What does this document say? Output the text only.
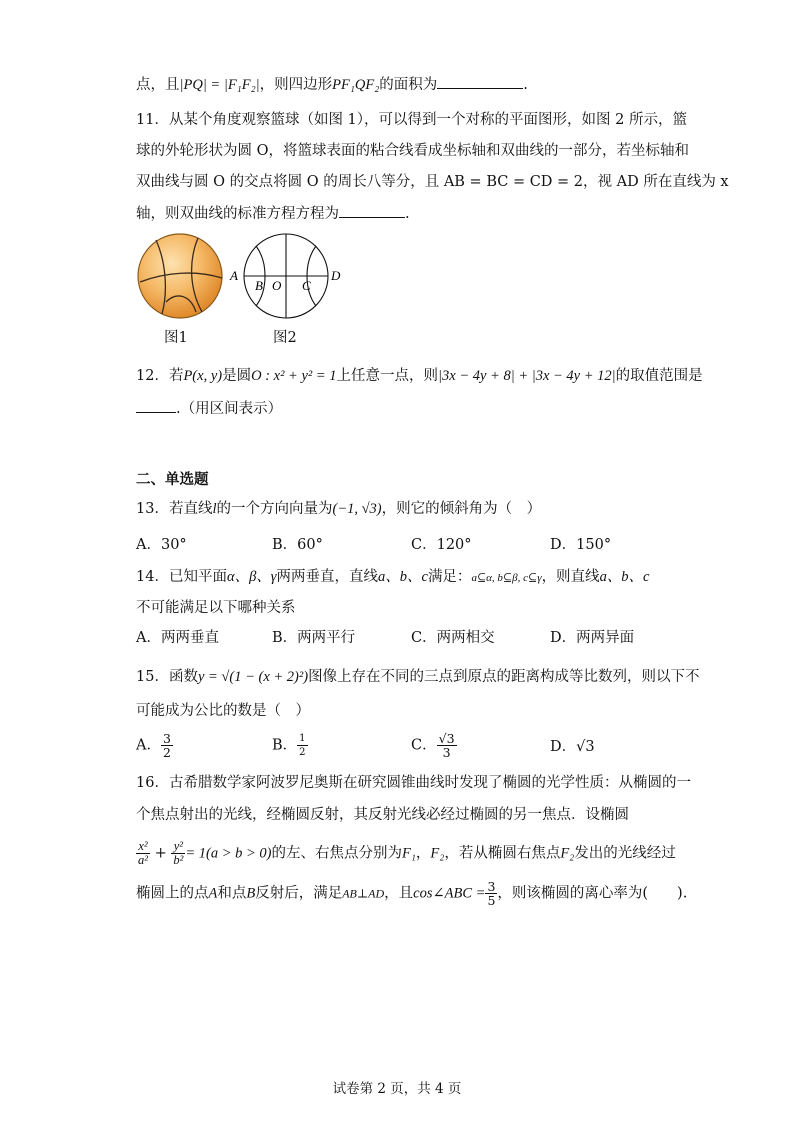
点，且|PQ| = |F₁F₂|，则四边形PF₁QF₂的面积为	.
11．从某个角度观察篮球（如图 1），可以得到一个对称的平面图形，如图 2 所示，篮
球的外轮形状为圆 O，将篮球表面的粘合线看成坐标轴和双曲线的一部分，若坐标轴和
双曲线与圆 O 的交点将圆 O 的周长八等分，且 AB = BC = CD = 2，视 AD 所在直线为 x
轴，则双曲线的标准方程方程为	.
图1
A
B O C
D
图2
12．若P(x, y)是圆O : x² + y² = 1上任意一点，则|3x − 4y + 8| + |3x − 4y + 12|的取值范围是
.（用区间表示）
二、单选题
13．若直线l的一个方向向量为(−1, √3)，则它的倾斜角为（　）
A．30°	B．60°	C．120°	D．150°
14．已知平面α、β、γ两两垂直，直线a、b、c满足：a⊆α, b⊆β, c⊆γ，则直线a、b、c
不可能满足以下哪种关系
A．两两垂直	B．两两平行	C．两两相交	D．两两异面
15．函数y = √(1 − (x + 2)²)图像上存在不同的三点到原点的距离构成等比数列，则以下不
可能成为公比的数是（　）
A． $\frac{3}{2}$	B． $\frac{1}{2}$	C． $\frac{√3}{3}$	D．√3
16．古希腊数学家阿波罗尼奥斯在研究圆锥曲线时发现了椭圆的光学性质：从椭圆的一
个焦点射出的光线，经椭圆反射，其反射光线必经过椭圆的另一焦点．设椭圆
$\frac{\text{x²}}{\text{a²}} + \frac{\text{y²}}{\text{b²}} = 1(a > b > 0)$的左、右焦点分别为F₁，F₂，若从椭圆右焦点F₂发出的光线经过
椭圆上的点A和点B反射后，满足AB⊥AD，且cos∠ABC = $\frac{3}{5}$ ，则该椭圆的离心率为(　　).
试卷第 2 页，共 4 页
